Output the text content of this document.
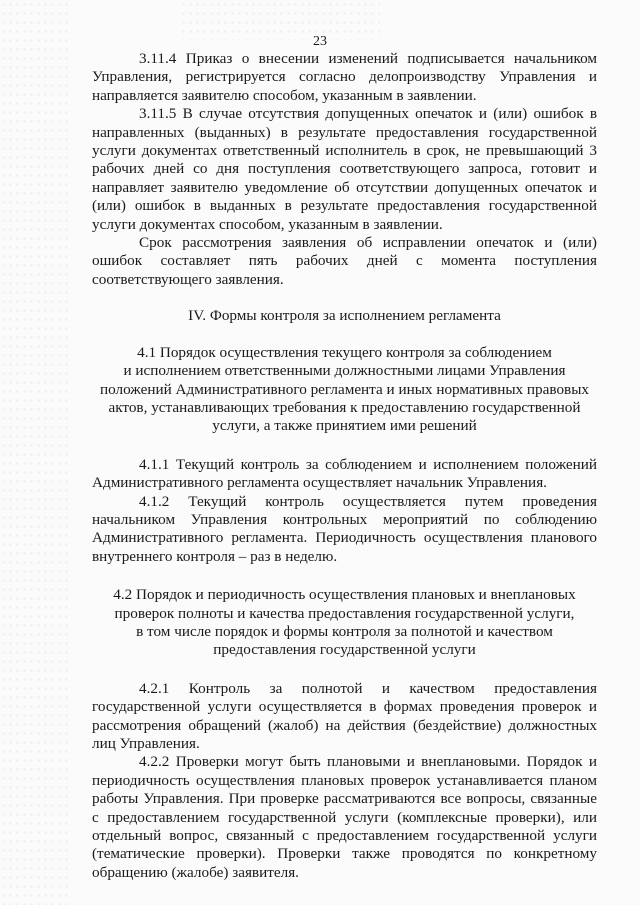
23

3.11.4 Приказ о внесении изменений подписывается начальником Управления, регистрируется согласно делопроизводству Управления и направляется заявителю способом, указанным в заявлении.

3.11.5 В случае отсутствия допущенных опечаток и (или) ошибок в направленных (выданных) в результате предоставления государственной услуги документах ответственный исполнитель в срок, не превышающий 3 рабочих дней со дня поступления соответствующего запроса, готовит и направляет заявителю уведомление об отсутствии допущенных опечаток и (или) ошибок в выданных в результате предоставления государственной услуги документах способом, указанным в заявлении.

Срок рассмотрения заявления об исправлении опечаток и (или) ошибок составляет пять рабочих дней с момента поступления соответствующего заявления.

IV. Формы контроля за исполнением регламента

4.1 Порядок осуществления текущего контроля за соблюдением
и исполнением ответственными должностными лицами Управления
положений Административного регламента и иных нормативных правовых
актов, устанавливающих требования к предоставлению государственной
услуги, а также принятием ими решений

4.1.1 Текущий контроль за соблюдением и исполнением положений Административного регламента осуществляет начальник Управления.

4.1.2 Текущий контроль осуществляется путем проведения начальником Управления контрольных мероприятий по соблюдению Административного регламента. Периодичность осуществления планового внутреннего контроля – раз в неделю.

4.2 Порядок и периодичность осуществления плановых и внеплановых
проверок полноты и качества предоставления государственной услуги,
в том числе порядок и формы контроля за полнотой и качеством
предоставления государственной услуги

4.2.1 Контроль за полнотой и качеством предоставления государственной услуги осуществляется в формах проведения проверок и рассмотрения обращений (жалоб) на действия (бездействие) должностных лиц Управления.

4.2.2 Проверки могут быть плановыми и внеплановыми. Порядок и периодичность осуществления плановых проверок устанавливается планом работы Управления. При проверке рассматриваются все вопросы, связанные с предоставлением государственной услуги (комплексные проверки), или отдельный вопрос, связанный с предоставлением государственной услуги (тематические проверки). Проверки также проводятся по конкретному обращению (жалобе) заявителя.
